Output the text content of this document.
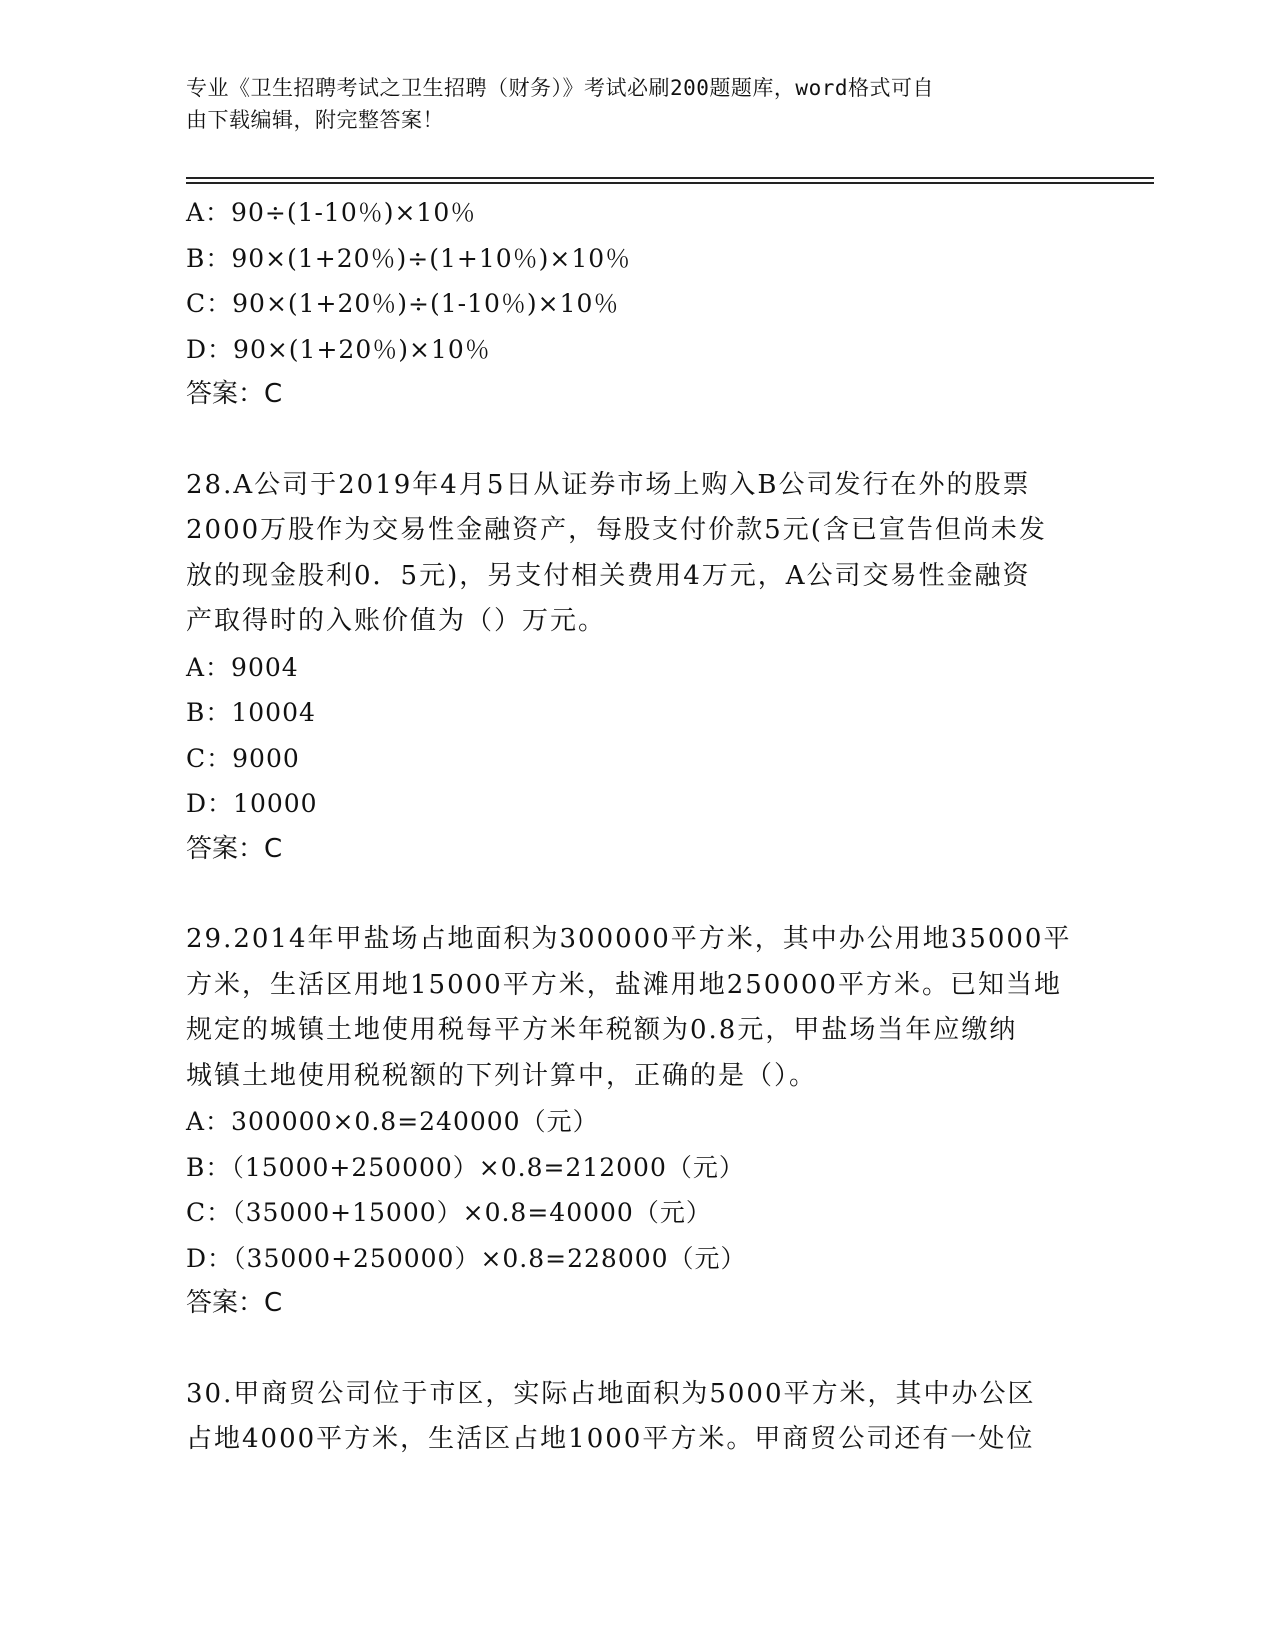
专业《卫生招聘考试之卫生招聘（财务）》考试必刷200题题库，word格式可自
由下载编辑，附完整答案！
A：90÷(1-10％)×10％
B：90×(1+20％)÷(1+10％)×10％
C：90×(1+20％)÷(1-10％)×10％
D：90×(1+20％)×10％
答案：C
28.A公司于2019年4月5日从证券市场上购入B公司发行在外的股票
2000万股作为交易性金融资产，每股支付价款5元(含已宣告但尚未发
放的现金股利0．5元)，另支付相关费用4万元，A公司交易性金融资
产取得时的入账价值为（）万元。
A：9004
B：10004
C：9000
D：10000
答案：C
29.2014年甲盐场占地面积为300000平方米，其中办公用地35000平
方米，生活区用地15000平方米，盐滩用地250000平方米。已知当地
规定的城镇土地使用税每平方米年税额为0.8元，甲盐场当年应缴纳
城镇土地使用税税额的下列计算中，正确的是（）。
A：300000×0.8=240000（元）
B：（15000+250000）×0.8=212000（元）
C：（35000+15000）×0.8=40000（元）
D：（35000+250000）×0.8=228000（元）
答案：C
30.甲商贸公司位于市区，实际占地面积为5000平方米，其中办公区
占地4000平方米，生活区占地1000平方米。甲商贸公司还有一处位
